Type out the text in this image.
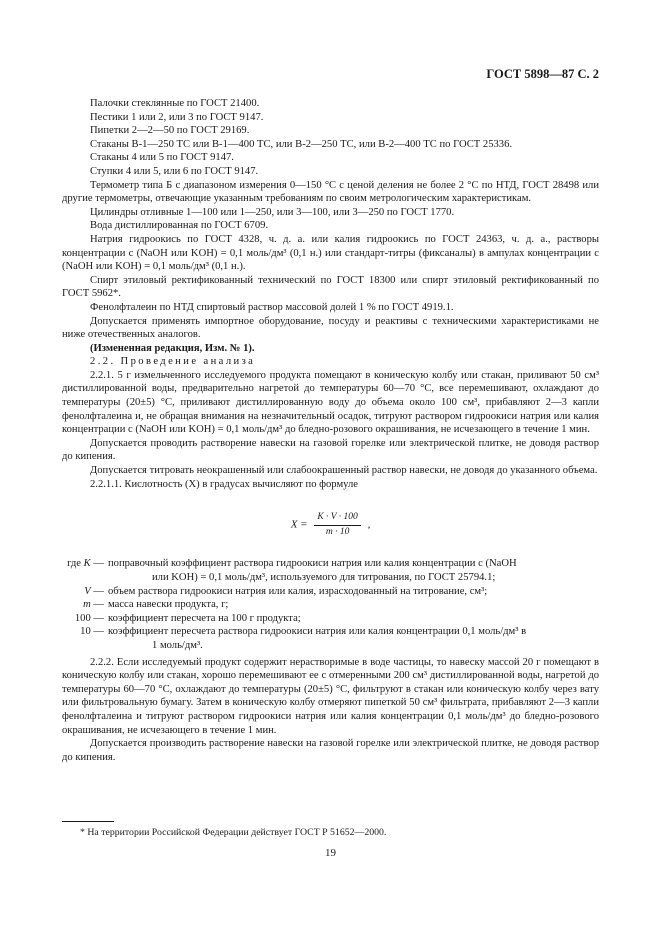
ГОСТ 5898—87 С. 2

Палочки стеклянные по ГОСТ 21400.

Пестики 1 или 2, или 3 по ГОСТ 9147.

Пипетки 2—2—50 по ГОСТ 29169.

Стаканы В-1—250 ТС или В-1—400 ТС, или В-2—250 ТС, или В-2—400 ТС по ГОСТ 25336.

Стаканы 4 или 5 по ГОСТ 9147.

Ступки 4 или 5, или 6 по ГОСТ 9147.

Термометр типа Б с диапазоном измерения 0—150 °С с ценой деления не более 2 °С по НТД, ГОСТ 28498 или другие термометры, отвечающие указанным требованиям по своим метрологическим характеристикам.

Цилиндры отливные 1—100 или 1—250, или 3—100, или 3—250 по ГОСТ 1770.

Вода дистиллированная по ГОСТ 6709.

Натрия гидроокись по ГОСТ 4328, ч. д. а. или калия гидроокись по ГОСТ 24363, ч. д. а., растворы концентрации c (NaOH или KOH) = 0,1 моль/дм³ (0,1 н.) или стандарт-титры (фиксаналы) в ампулах концентрации c (NaOH или KOH) = 0,1 моль/дм³ (0,1 н.).

Спирт этиловый ректификованный технический по ГОСТ 18300 или спирт этиловый ректификованный по ГОСТ 5962*.

Фенолфталеин по НТД спиртовый раствор массовой долей 1 % по ГОСТ 4919.1.

Допускается применять импортное оборудование, посуду и реактивы с техническими характеристиками не ниже отечественных аналогов.

(Измененная редакция, Изм. № 1).

2.2. Проведение анализа

2.2.1. 5 г измельченного исследуемого продукта помещают в коническую колбу или стакан, приливают 50 см³ дистиллированной воды, предварительно нагретой до температуры 60—70 °С, все перемешивают, охлаждают до температуры (20±5) °С, приливают дистиллированную воду до объема около 100 см³, прибавляют 2—3 капли фенолфталеина и, не обращая внимания на незначительный осадок, титруют раствором гидроокиси натрия или калия концентрации c (NaOH или KOH) = 0,1 моль/дм³ до бледно-розового окрашивания, не исчезающего в течение 1 мин.

Допускается проводить растворение навески на газовой горелке или электрической плитке, не доводя раствор до кипения.

Допускается титровать неокрашенный или слабоокрашенный раствор навески, не доводя до указанного объема.

2.2.1.1. Кислотность (X) в градусах вычисляют по формуле

$X = \frac{K \cdot V \cdot 100}{m \cdot 10}$ ,
где K — поправочный коэффициент раствора гидроокиси натрия или калия концентрации c (NaOH
или KOH) = 0,1 моль/дм³, используемого для титрования, по ГОСТ 25794.1;
V — объем раствора гидроокиси натрия или калия, израсходованный на титрование, см³;
m — масса навески продукта, г;
100 — коэффициент пересчета на 100 г продукта;
10 — коэффициент пересчета раствора гидроокиси натрия или калия концентрации 0,1 моль/дм³ в
1 моль/дм³.

2.2.2. Если исследуемый продукт содержит нерастворимые в воде частицы, то навеску массой 20 г помещают в коническую колбу или стакан, хорошо перемешивают ее с отмеренными 200 см³ дистиллированной воды, нагретой до температуры 60—70 °С, охлаждают до температуры (20±5) °С, фильтруют в стакан или коническую колбу через вату или фильтровальную бумагу. Затем в коническую колбу отмеряют пипеткой 50 см³ фильтрата, прибавляют 2—3 капли фенолфталеина и титруют раствором гидроокиси натрия или калия концентрации 0,1 моль/дм³ до бледно-розового окрашивания, не исчезающего в течение 1 мин.

Допускается производить растворение навески на газовой горелке или электрической плитке, не доводя раствор до кипения.

* На территории Российской Федерации действует ГОСТ Р 51652—2000.
19
